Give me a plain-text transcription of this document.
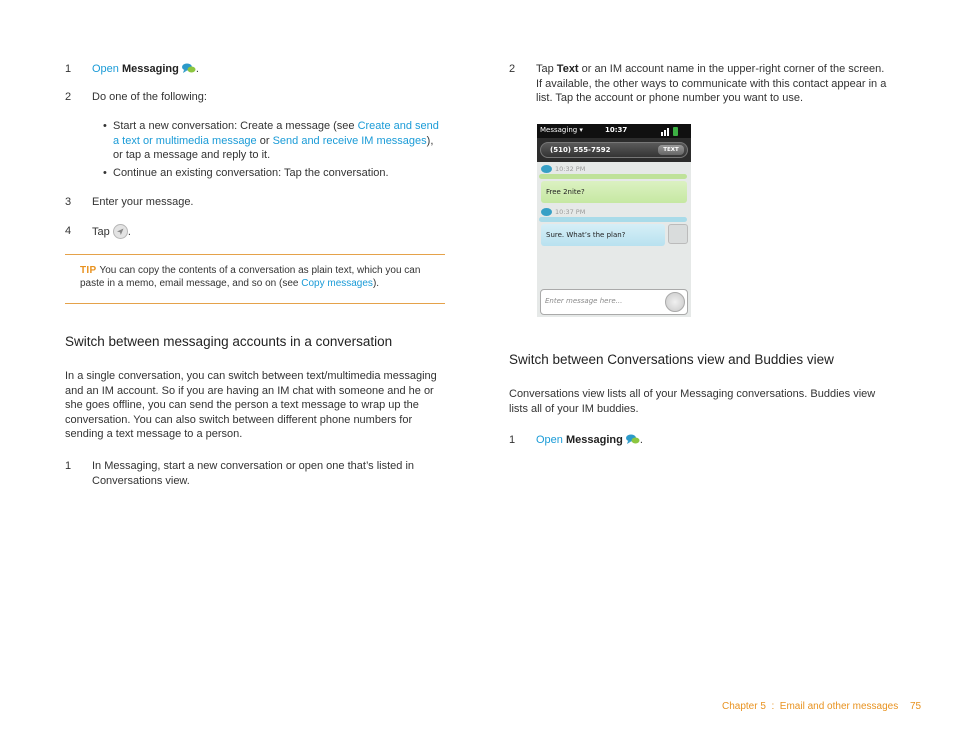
1 Open Messaging .
2 Do one of the following:
• Start a new conversation: Create a message (see Create and send a text or multimedia message or Send and receive IM messages), or tap a message and reply to it.
• Continue an existing conversation: Tap the conversation.
3 Enter your message.
4 Tap .
TIP You can copy the contents of a conversation as plain text, which you can paste in a memo, email message, and so on (see Copy messages).
Switch between messaging accounts in a conversation
In a single conversation, you can switch between text/multimedia messaging and an IM account. So if you are having an IM chat with someone and he or she goes offline, you can send the person a text message to wrap up the conversation. You can also switch between different phone numbers for sending a text message to a person.
1 In Messaging, start a new conversation or open one that’s listed in Conversations view.
2 Tap Text or an IM account name in the upper-right corner of the screen. If available, the other ways to communicate with this contact appear in a list. Tap the account or phone number you want to use.
Switch between Conversations view and Buddies view
Conversations view lists all of your Messaging conversations. Buddies view lists all of your IM buddies.
1 Open Messaging .
Messaging ▾	10:37
(510) 555-7592	TEXT
10:32 PM
Free 2nite?
10:37 PM
Sure. What’s the plan?
Enter message here...
Chapter 5  :  Email and other messages 75
